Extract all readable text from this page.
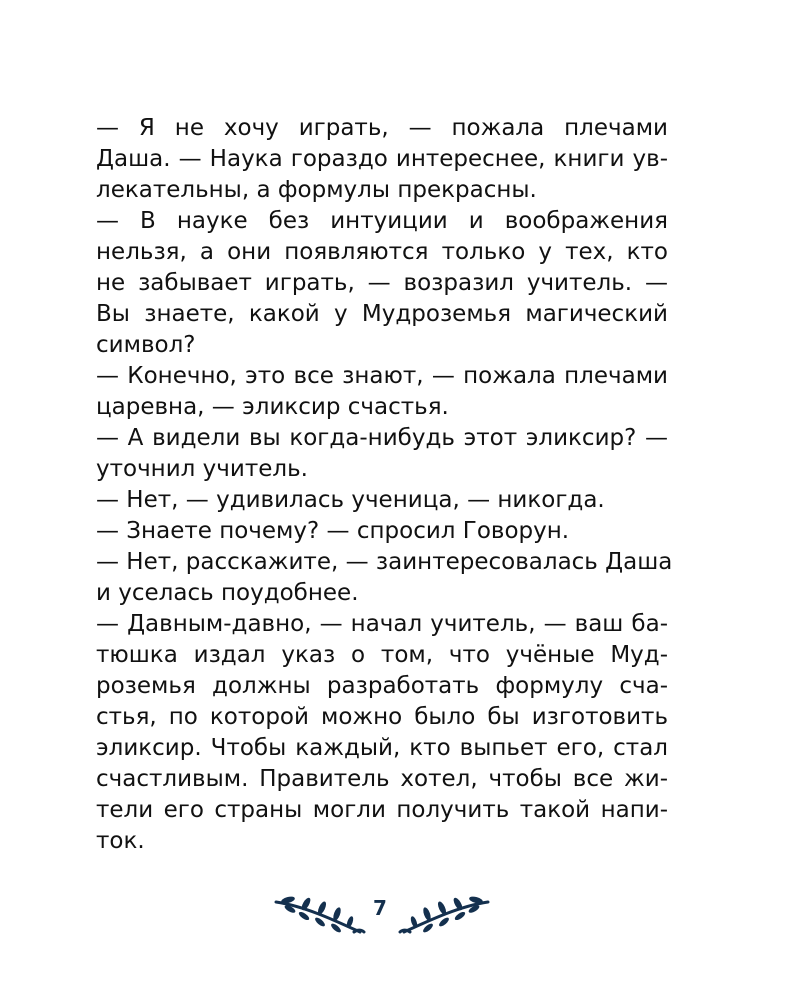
— Я не хочу играть, — пожала плечами
Даша. — Наука гораздо интереснее, книги ув-
лекательны, а формулы прекрасны.
— В науке без интуиции и воображения
нельзя, а они появляются только у тех, кто
не забывает играть, — возразил учитель. —
Вы знаете, какой у Мудроземья магический
символ?
— Конечно, это все знают, — пожала плечами
царевна, — эликсир счастья.
— А видели вы когда-нибудь этот эликсир? —
уточнил учитель.
— Нет, — удивилась ученица, — никогда.
— Знаете почему? — спросил Говорун.
— Нет, расскажите, — заинтересовалась Даша
и уселась поудобнее.
— Давным-давно, — начал учитель, — ваш ба-
тюшка издал указ о том, что учёные Муд-
роземья должны разработать формулу сча-
стья, по которой можно было бы изготовить
эликсир. Чтобы каждый, кто выпьет его, стал
счастливым. Правитель хотел, чтобы все жи-
тели его страны могли получить такой напи-
ток.
7
